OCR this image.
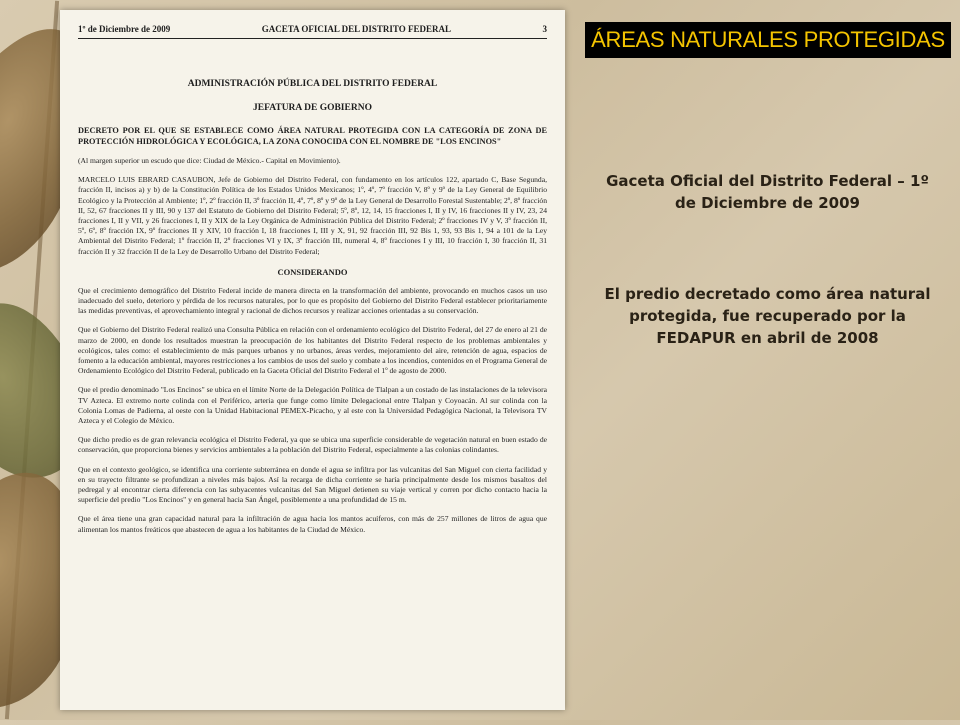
1º de Diciembre de 2009	GACETA OFICIAL DEL DISTRITO FEDERAL	3
ADMINISTRACIÓN PÚBLICA DEL DISTRITO FEDERAL
JEFATURA DE GOBIERNO
DECRETO POR EL QUE SE ESTABLECE COMO ÁREA NATURAL PROTEGIDA CON LA CATEGORÍA DE ZONA DE PROTECCIÓN HIDROLÓGICA Y ECOLÓGICA, LA ZONA CONOCIDA CON EL NOMBRE DE "LOS ENCINOS"
(Al margen superior un escudo que dice: Ciudad de México.- Capital en Movimiento).
MARCELO LUIS EBRARD CASAUBON, Jefe de Gobierno del Distrito Federal, con fundamento en los artículos 122, apartado C, Base Segunda, fracción II, incisos a) y b) de la Constitución Política de los Estados Unidos Mexicanos; 1º, 4º, 7º fracción V, 8º y 9º de la Ley General de Equilibrio Ecológico y la Protección al Ambiente; 1º, 2º fracción II, 3º fracción II, 4º, 7º, 8º y 9º de la Ley General de Desarrollo Forestal Sustentable; 2º, 8º fracción II, 52, 67 fracciones II y III, 90 y 137 del Estatuto de Gobierno del Distrito Federal; 5º, 8º, 12, 14, 15 fracciones I, II y IV, 16 fracciones II y IV, 23, 24 fracciones I, II y VII, y 26 fracciones I, II y XIX de la Ley Orgánica de Administración Pública del Distrito Federal; 2º fracciones IV y V, 3º fracción II, 5º, 6º, 8º fracción IX, 9º fracciones II y XIV, 10 fracción I, 18 fracciones I, III y X, 91, 92 fracción III, 92 Bis 1, 93, 93 Bis 1, 94 a 101 de la Ley Ambiental del Distrito Federal; 1º fracción II, 2º fracciones VI y IX, 3º fracción III, numeral 4, 8º fracciones I y III, 10 fracción I, 30 fracción II, 31 fracción II y 32 fracción II de la Ley de Desarrollo Urbano del Distrito Federal;
CONSIDERANDO
Que el crecimiento demográfico del Distrito Federal incide de manera directa en la transformación del ambiente, provocando en muchos casos un uso inadecuado del suelo, deterioro y pérdida de los recursos naturales, por lo que es propósito del Gobierno del Distrito Federal establecer prioritariamente las medidas preventivas, el aprovechamiento integral y racional de dichos recursos y realizar acciones orientadas a su conservación.
Que el Gobierno del Distrito Federal realizó una Consulta Pública en relación con el ordenamiento ecológico del Distrito Federal, del 27 de enero al 21 de marzo de 2000, en donde los resultados muestran la preocupación de los habitantes del Distrito Federal respecto de los problemas ambientales y ecológicos, tales como: el establecimiento de más parques urbanos y no urbanos, áreas verdes, mejoramiento del aire, retención de agua, espacios de fomento a la educación ambiental, mayores restricciones a los cambios de usos del suelo y combate a los incendios, contenidos en el Programa General de Ordenamiento Ecológico del Distrito Federal, publicado en la Gaceta Oficial del Distrito Federal el 1º de agosto de 2000.
Que el predio denominado "Los Encinos" se ubica en el límite Norte de la Delegación Política de Tlalpan a un costado de las instalaciones de la televisora TV Azteca. El extremo norte colinda con el Periférico, arteria que funge como límite Delegacional entre Tlalpan y Coyoacán. Al sur colinda con la Colonia Lomas de Padierna, al oeste con la Unidad Habitacional PEMEX-Picacho, y al este con la Universidad Pedagógica Nacional, la Televisora TV Azteca y el Colegio de México.
Que dicho predio es de gran relevancia ecológica el Distrito Federal, ya que se ubica una superficie considerable de vegetación natural en buen estado de conservación, que proporciona bienes y servicios ambientales a la población del Distrito Federal, especialmente a las colonias colindantes.
Que en el contexto geológico, se identifica una corriente subterránea en donde el agua se infiltra por las vulcanitas del San Miguel con cierta facilidad y en su trayecto filtrante se profundizan a niveles más bajos. Así la recarga de dicha corriente se haría principalmente desde los mismos basaltos del pedregal y al encontrar cierta diferencia con las subyacentes vulcanitas del San Miguel detienen su viaje vertical y corren por dicho contacto hacia la superficie del predio "Los Encinos" y en general hacia San Ángel, posiblemente a una profundidad de 15 m.
Que el área tiene una gran capacidad natural para la infiltración de agua hacia los mantos acuíferos, con más de 257 millones de litros de agua que alimentan los mantos freáticos que abastecen de agua a los habitantes de la Ciudad de México.
ÁREAS NATURALES PROTEGIDAS
Gaceta Oficial del Distrito Federal – 1º de Diciembre de 2009
El predio decretado como área natural protegida, fue recuperado por la FEDAPUR en abril de 2008
